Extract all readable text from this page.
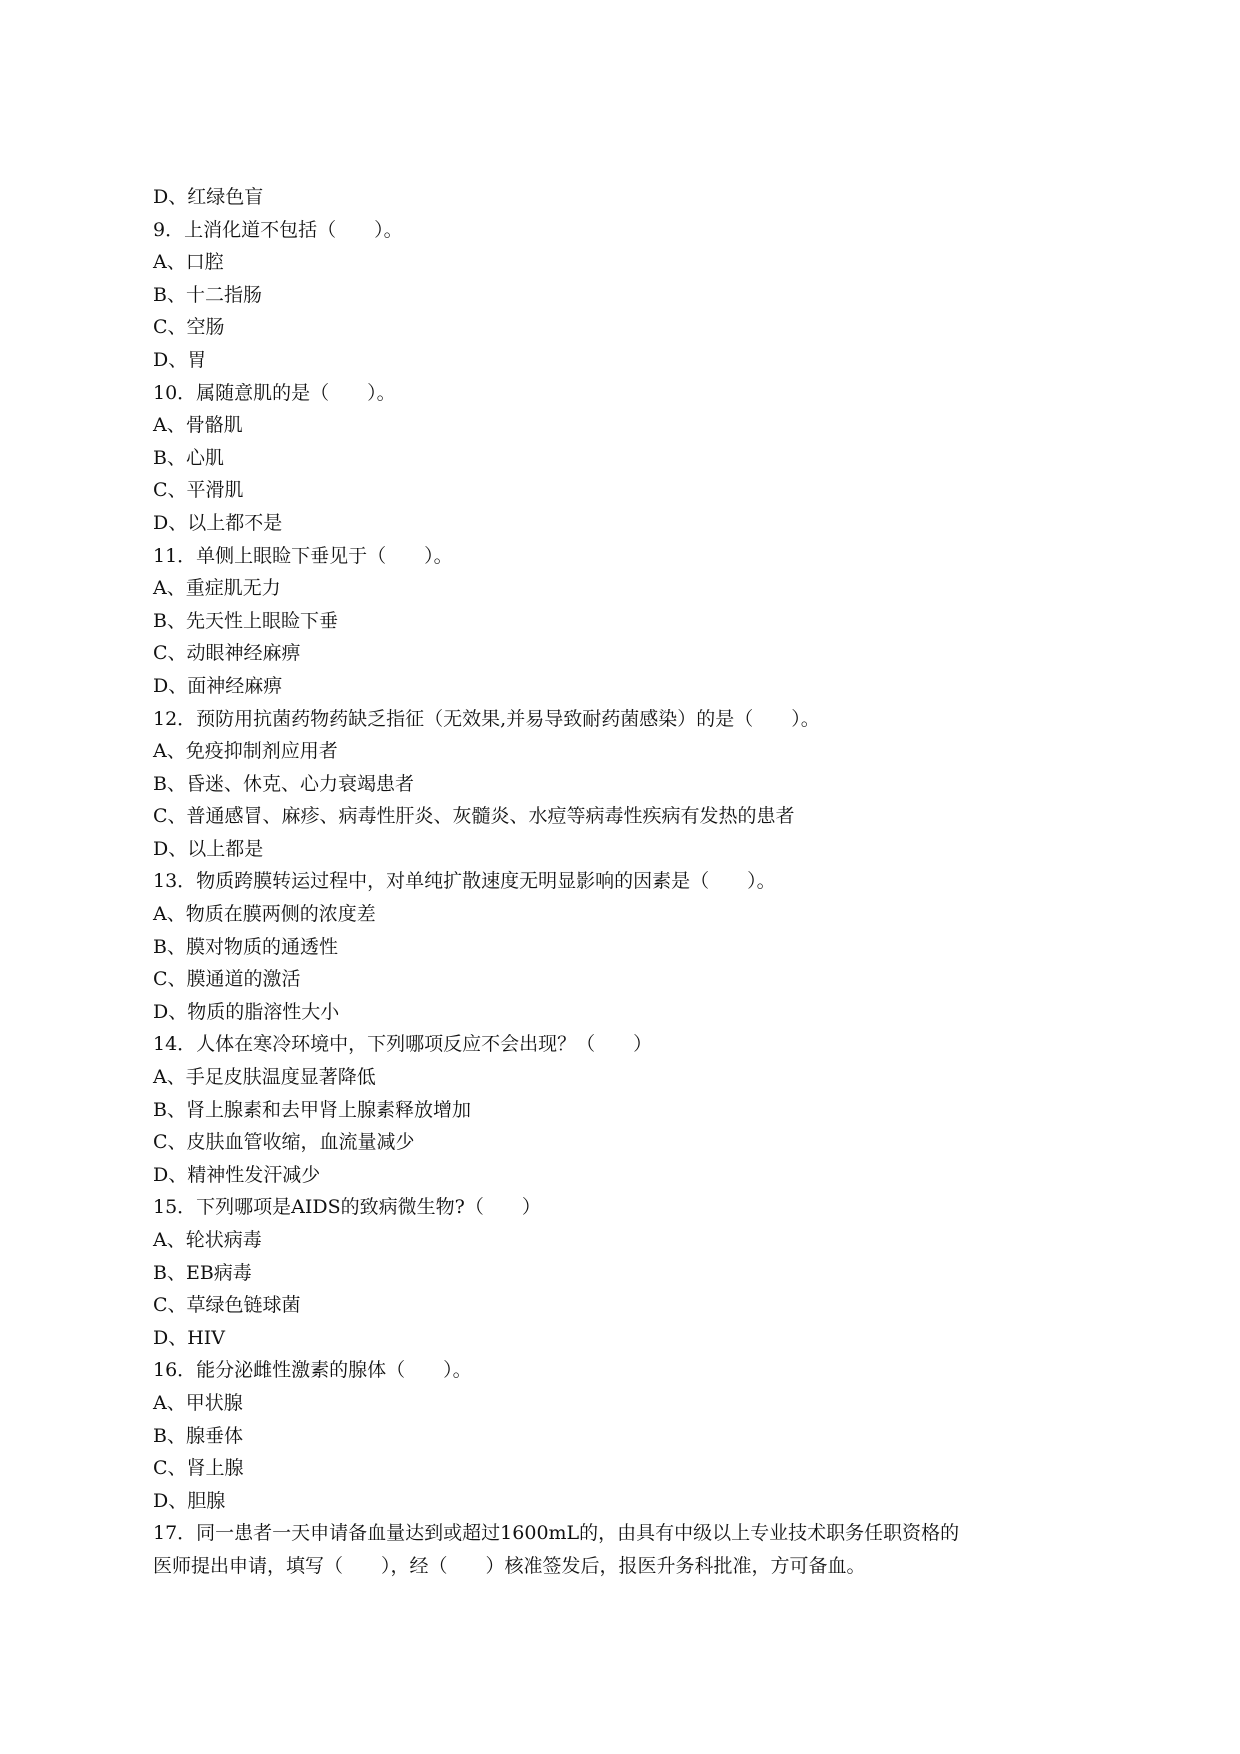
D、红绿色盲
9．上消化道不包括（　　）。
A、口腔
B、十二指肠
C、空肠
D、胃
10．属随意肌的是（　　）。
A、骨骼肌
B、心肌
C、平滑肌
D、以上都不是
11．单侧上眼睑下垂见于（　　）。
A、重症肌无力
B、先天性上眼睑下垂
C、动眼神经麻痹
D、面神经麻痹
12．预防用抗菌药物药缺乏指征（无效果,并易导致耐药菌感染）的是（　　）。
A、免疫抑制剂应用者
B、昏迷、休克、心力衰竭患者
C、普通感冒、麻疹、病毒性肝炎、灰髓炎、水痘等病毒性疾病有发热的患者
D、以上都是
13．物质跨膜转运过程中，对单纯扩散速度无明显影响的因素是（　　）。
A、物质在膜两侧的浓度差
B、膜对物质的通透性
C、膜通道的激活
D、物质的脂溶性大小
14．人体在寒冷环境中，下列哪项反应不会出现？（　　）
A、手足皮肤温度显著降低
B、肾上腺素和去甲肾上腺素释放增加
C、皮肤血管收缩，血流量减少
D、精神性发汗减少
15．下列哪项是AIDS的致病微生物?（　　）
A、轮状病毒
B、EB病毒
C、草绿色链球菌
D、HIV
16．能分泌雌性激素的腺体（　　）。
A、甲状腺
B、腺垂体
C、肾上腺
D、胆腺
17．同一患者一天申请备血量达到或超过1600mL的，由具有中级以上专业技术职务任职资格的
医师提出申请，填写（　　），经（　　）核准签发后，报医升务科批准，方可备血。
